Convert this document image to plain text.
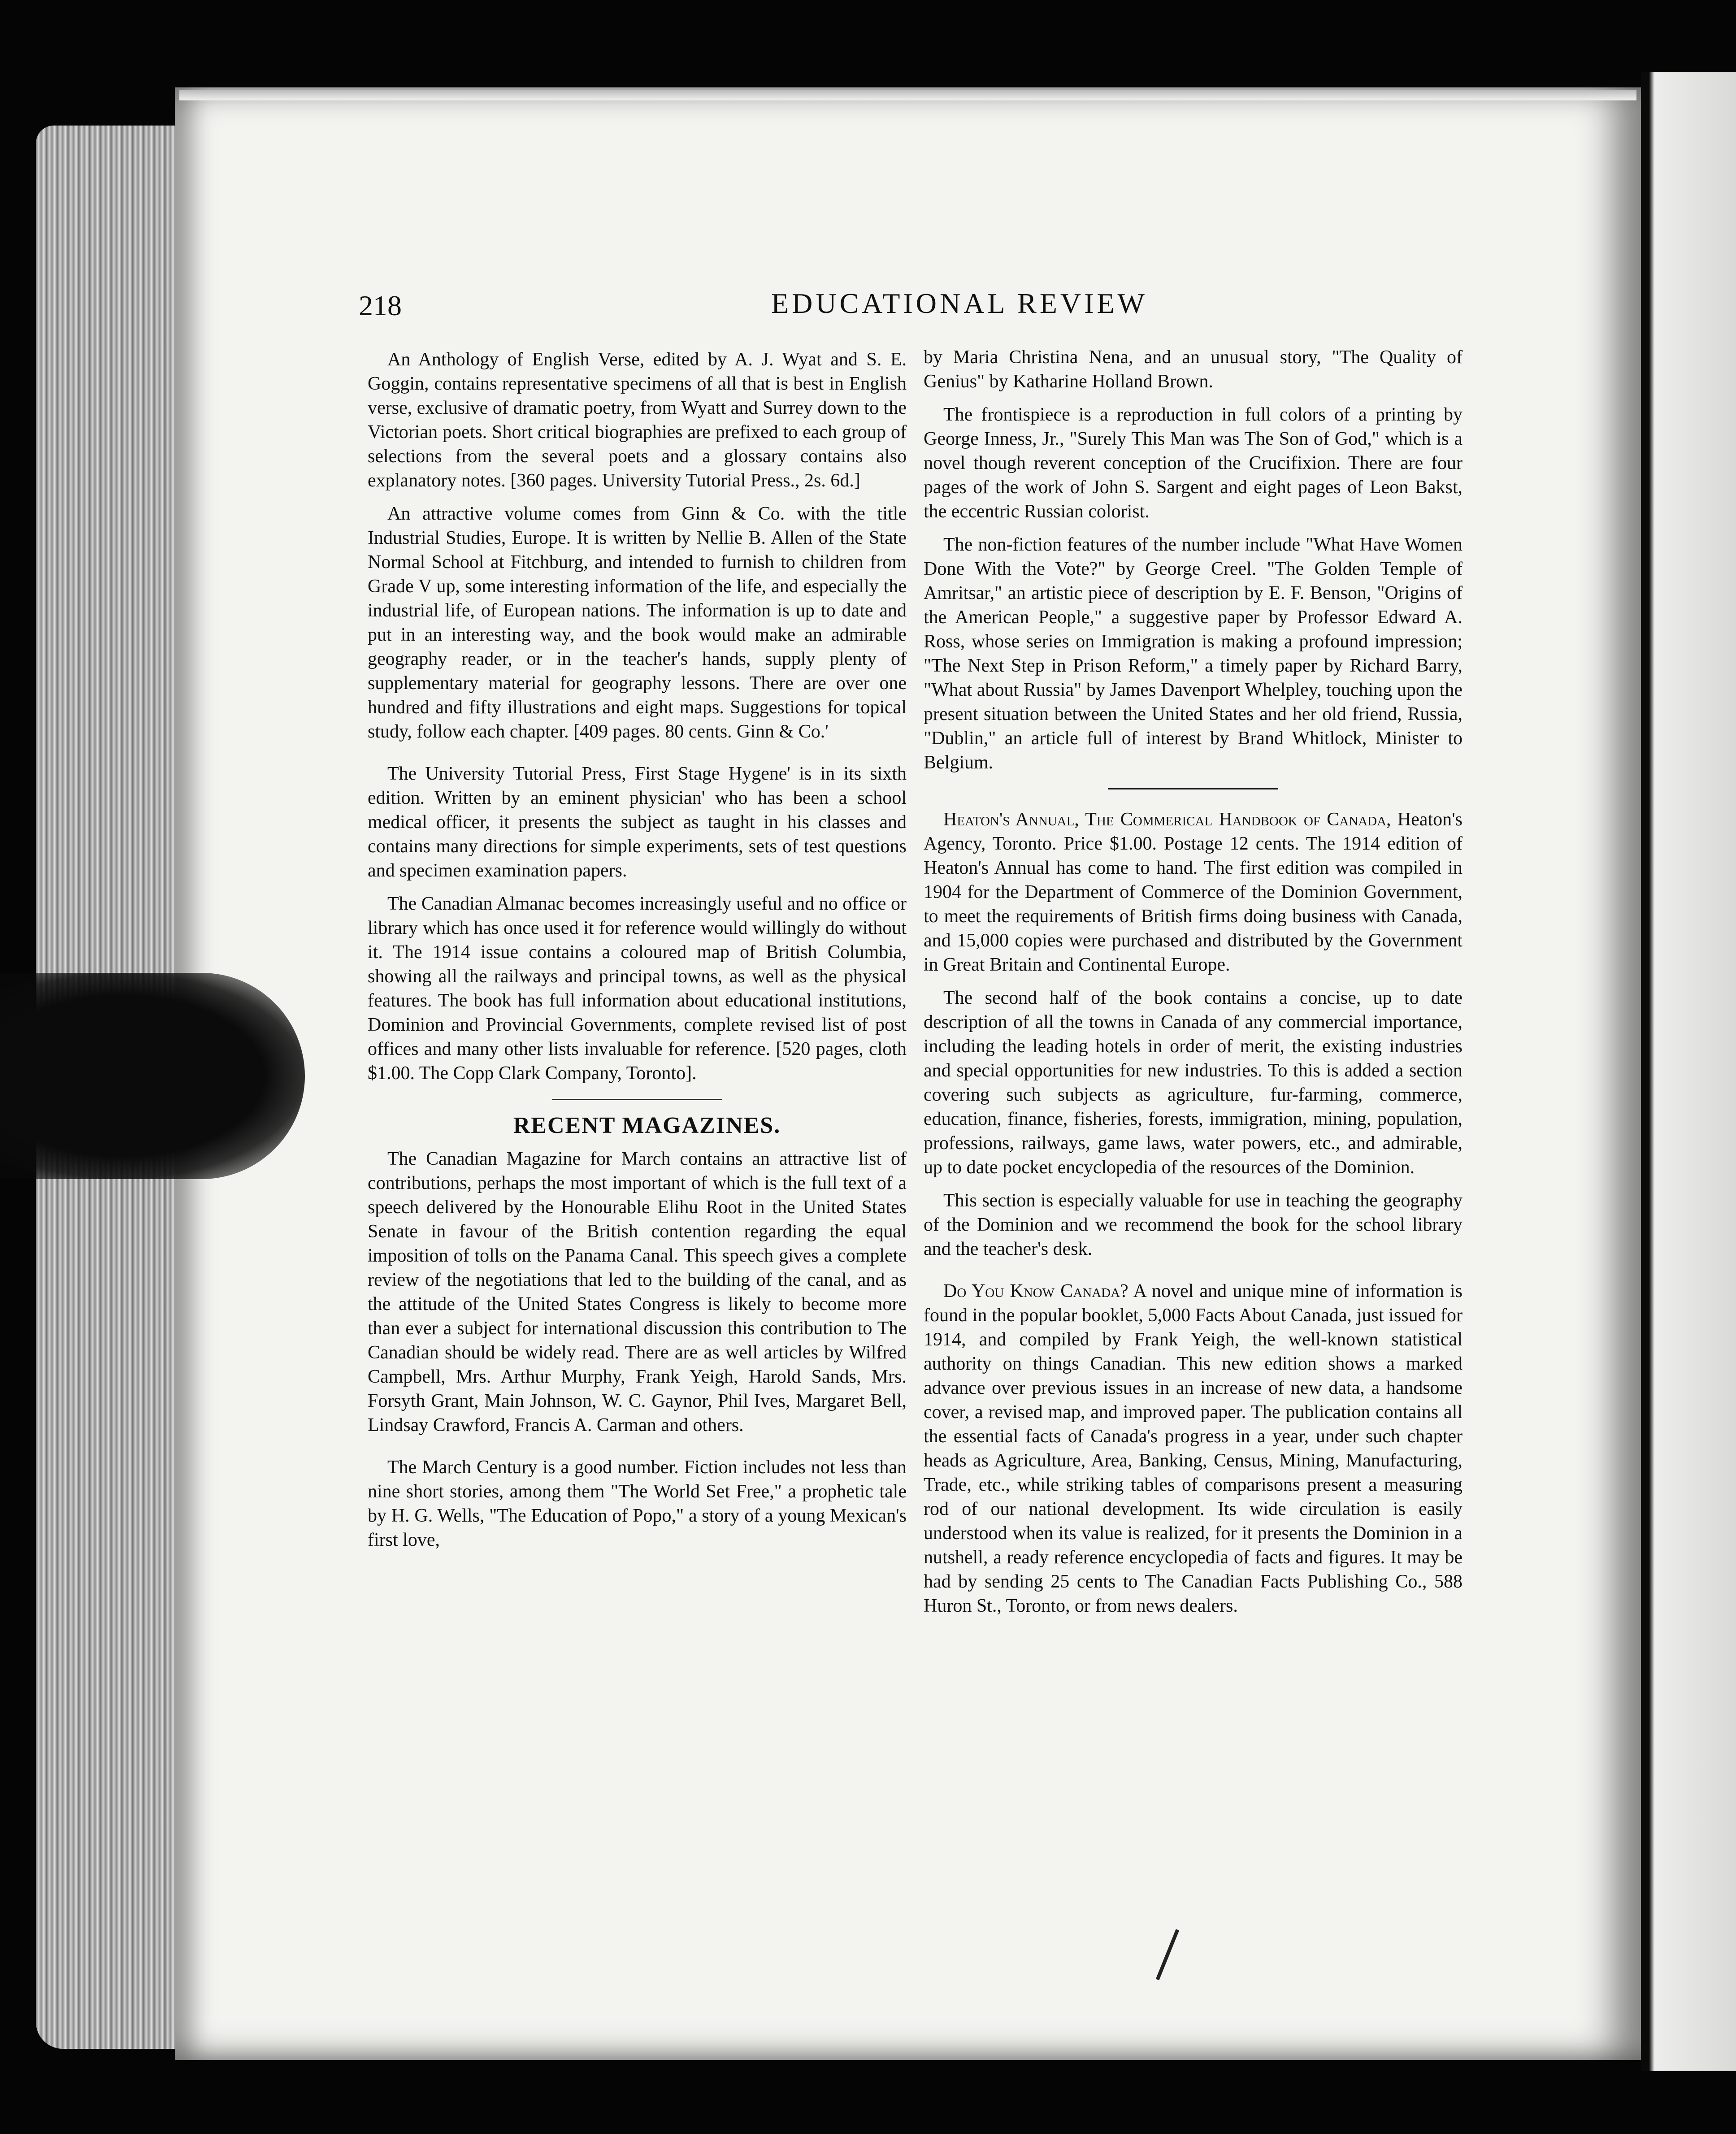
218	EDUCATIONAL REVIEW

An Anthology of English Verse, edited by A. J. Wyat and S. E. Goggin, contains representative specimens of all that is best in English verse, exclusive of dramatic poetry, from Wyatt and Surrey down to the Victorian poets. Short critical biographies are prefixed to each group of selections from the several poets and a glossary contains also explanatory notes. [360 pages. University Tutorial Press., 2s. 6d.]

An attractive volume comes from Ginn & Co. with the title Industrial Studies, Europe. It is written by Nellie B. Allen of the State Normal School at Fitchburg, and intended to furnish to children from Grade V up, some interesting information of the life, and especially the industrial life, of European nations. The information is up to date and put in an interesting way, and the book would make an admirable geography reader, or in the teacher's hands, supply plenty of supplementary material for geography lessons. There are over one hundred and fifty illustrations and eight maps. Suggestions for topical study, follow each chapter. [409 pages. 80 cents. Ginn & Co.'

The University Tutorial Press, First Stage Hygene' is in its sixth edition. Written by an eminent physician' who has been a school medical officer, it presents the subject as taught in his classes and contains many directions for simple experiments, sets of test questions and specimen examination papers.

The Canadian Almanac becomes increasingly useful and no office or library which has once used it for reference would willingly do without it. The 1914 issue contains a coloured map of British Columbia, showing all the railways and principal towns, as well as the physical features. The book has full information about educational institutions, Dominion and Provincial Governments, complete revised list of post offices and many other lists invaluable for reference. [520 pages, cloth $1.00. The Copp Clark Company, Toronto].

RECENT MAGAZINES.

The Canadian Magazine for March contains an attractive list of contributions, perhaps the most important of which is the full text of a speech delivered by the Honourable Elihu Root in the United States Senate in favour of the British contention regarding the equal imposition of tolls on the Panama Canal. This speech gives a complete review of the negotiations that led to the building of the canal, and as the attitude of the United States Congress is likely to become more than ever a subject for international discussion this contribution to The Canadian should be widely read. There are as well articles by Wilfred Campbell, Mrs. Arthur Murphy, Frank Yeigh, Harold Sands, Mrs. Forsyth Grant, Main Johnson, W. C. Gaynor, Phil Ives, Margaret Bell, Lindsay Crawford, Francis A. Carman and others.

The March Century is a good number. Fiction includes not less than nine short stories, among them "The World Set Free," a prophetic tale by H. G. Wells, "The Education of Popo," a story of a young Mexican's first love,

by Maria Christina Nena, and an unusual story, "The Quality of Genius" by Katharine Holland Brown.

The frontispiece is a reproduction in full colors of a printing by George Inness, Jr., "Surely This Man was The Son of God," which is a novel though reverent conception of the Crucifixion. There are four pages of the work of John S. Sargent and eight pages of Leon Bakst, the eccentric Russian colorist.

The non-fiction features of the number include "What Have Women Done With the Vote?" by George Creel. "The Golden Temple of Amritsar," an artistic piece of description by E. F. Benson, "Origins of the American People," a suggestive paper by Professor Edward A. Ross, whose series on Immigration is making a profound impression; "The Next Step in Prison Reform," a timely paper by Richard Barry, "What about Russia" by James Davenport Whelpley, touching upon the present situation between the United States and her old friend, Russia, "Dublin," an article full of interest by Brand Whitlock, Minister to Belgium.

Heaton's Annual, The Commerical Handbook of Canada, Heaton's Agency, Toronto. Price $1.00. Postage 12 cents. The 1914 edition of Heaton's Annual has come to hand. The first edition was compiled in 1904 for the Department of Commerce of the Dominion Government, to meet the requirements of British firms doing business with Canada, and 15,000 copies were purchased and distributed by the Government in Great Britain and Continental Europe.

The second half of the book contains a concise, up to date description of all the towns in Canada of any commercial importance, including the leading hotels in order of merit, the existing industries and special opportunities for new industries. To this is added a section covering such subjects as agriculture, fur-farming, commerce, education, finance, fisheries, forests, immigration, mining, population, professions, railways, game laws, water powers, etc., and admirable, up to date pocket encyclopedia of the resources of the Dominion.

This section is especially valuable for use in teaching the geography of the Dominion and we recommend the book for the school library and the teacher's desk.

Do You Know Canada? A novel and unique mine of information is found in the popular booklet, 5,000 Facts About Canada, just issued for 1914, and compiled by Frank Yeigh, the well-known statistical authority on things Canadian. This new edition shows a marked advance over previous issues in an increase of new data, a handsome cover, a revised map, and improved paper. The publication contains all the essential facts of Canada's progress in a year, under such chapter heads as Agriculture, Area, Banking, Census, Mining, Manufacturing, Trade, etc., while striking tables of comparisons present a measuring rod of our national development. Its wide circulation is easily understood when its value is realized, for it presents the Dominion in a nutshell, a ready reference encyclopedia of facts and figures. It may be had by sending 25 cents to The Canadian Facts Publishing Co., 588 Huron St., Toronto, or from news dealers.
